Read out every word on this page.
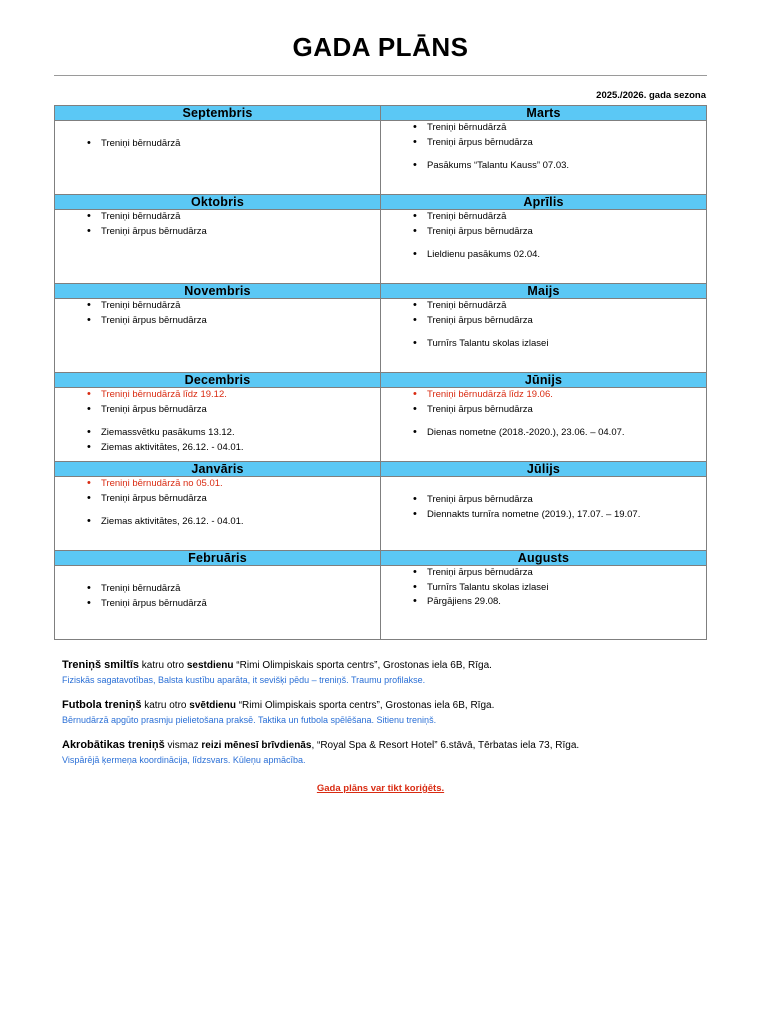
GADA PLĀNS
2025./2026. gada sezona
Septembris	Marts

• Treniņi bērnudārzā

• Treniņi bērnudārzā
• Treniņi ārpus bērnudārza
• Pasākums “Talantu Kauss” 07.03.

Oktobris	Aprīlis

• Treniņi bērnudārzā
• Treniņi ārpus bērnudārza

• Treniņi bērnudārzā
• Treniņi ārpus bērnudārza
• Lieldienu pasākums 02.04.

Novembris	Maijs

• Treniņi bērnudārzā
• Treniņi ārpus bērnudārza

• Treniņi bērnudārzā
• Treniņi ārpus bērnudārza
• Turnīrs Talantu skolas izlasei

Decembris	Jūnijs

• Treniņi bērnudārzā līdz 19.12.
• Treniņi ārpus bērnudārza
• Ziemassvētku pasākums 13.12.
• Ziemas aktivitātes, 26.12. - 04.01.

• Treniņi bērnudārzā līdz 19.06.
• Treniņi ārpus bērnudārza
• Dienas nometne (2018.-2020.), 23.06. – 04.07.

Janvāris	Jūlijs

• Treniņi bērnudārzā no 05.01.
• Treniņi ārpus bērnudārza
• Ziemas aktivitātes, 26.12. - 04.01.

• Treniņi ārpus bērnudārza
• Diennakts turnīra nometne (2019.), 17.07. – 19.07.

Februāris	Augusts

• Treniņi bērnudārzā
• Treniņi ārpus bērnudārzā

• Treniņi ārpus bērnudārza
• Turnīrs Talantu skolas izlasei
• Pārgājiens 29.08.
Treniņš smiltīs katru otro sestdienu “Rimi Olimpiskais sporta centrs”, Grostonas iela 6B, Rīga.
Fiziskās sagatavotības, Balsta kustību aparāta, it sevišķi pēdu – treniņš. Traumu profilakse.
Futbola treniņš katru otro svētdienu “Rimi Olimpiskais sporta centrs”, Grostonas iela 6B, Rīga.
Bērnudārzā apgūto prasmju pielietošana praksē. Taktika un futbola spēlēšana. Sitienu treniņš.
Akrobātikas treniņš vismaz reizi mēnesī brīvdienās, “Royal Spa & Resort Hotel” 6.stāvā, Tērbatas iela 73, Rīga.
Vispārējā ķermeņa koordinācija, līdzsvars. Kūleņu apmācība.
Gada plāns var tikt koriģēts.
